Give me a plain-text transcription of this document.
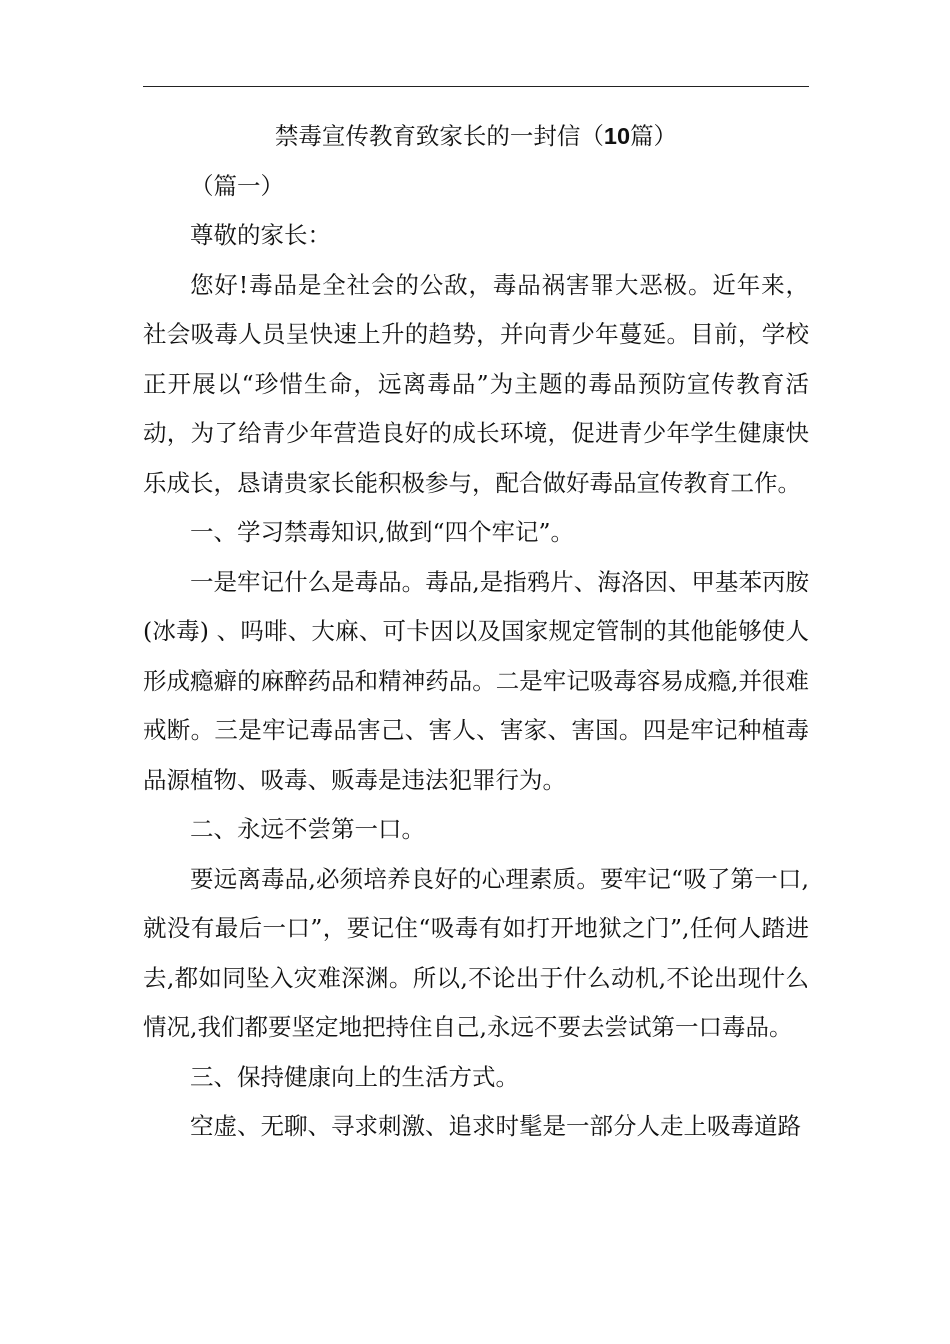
禁毒宣传教育致家长的一封信（10篇）

（篇一）

尊敬的家长：

您好!毒品是全社会的公敌，毒品祸害罪大恶极。近年来，社会吸毒人员呈快速上升的趋势，并向青少年蔓延。目前，学校正开展以“珍惜生命，远离毒品”为主题的毒品预防宣传教育活动，为了给青少年营造良好的成长环境，促进青少年学生健康快乐成长，恳请贵家长能积极参与，配合做好毒品宣传教育工作。

一、学习禁毒知识,做到“四个牢记”。

一是牢记什么是毒品。毒品,是指鸦片、海洛因、甲基苯丙胺(冰毒) 、吗啡、大麻、可卡因以及国家规定管制的其他能够使人形成瘾癖的麻醉药品和精神药品。二是牢记吸毒容易成瘾,并很难戒断。三是牢记毒品害己、害人、害家、害国。四是牢记种植毒品源植物、吸毒、贩毒是违法犯罪行为。

二、永远不尝第一口。

要远离毒品,必须培养良好的心理素质。要牢记“吸了第一口,就没有最后一口”，要记住“吸毒有如打开地狱之门”,任何人踏进去,都如同坠入灾难深渊。所以,不论出于什么动机,不论出现什么情况,我们都要坚定地把持住自己,永远不要去尝试第一口毒品。

三、保持健康向上的生活方式。

空虚、无聊、寻求刺激、追求时髦是一部分人走上吸毒道路
